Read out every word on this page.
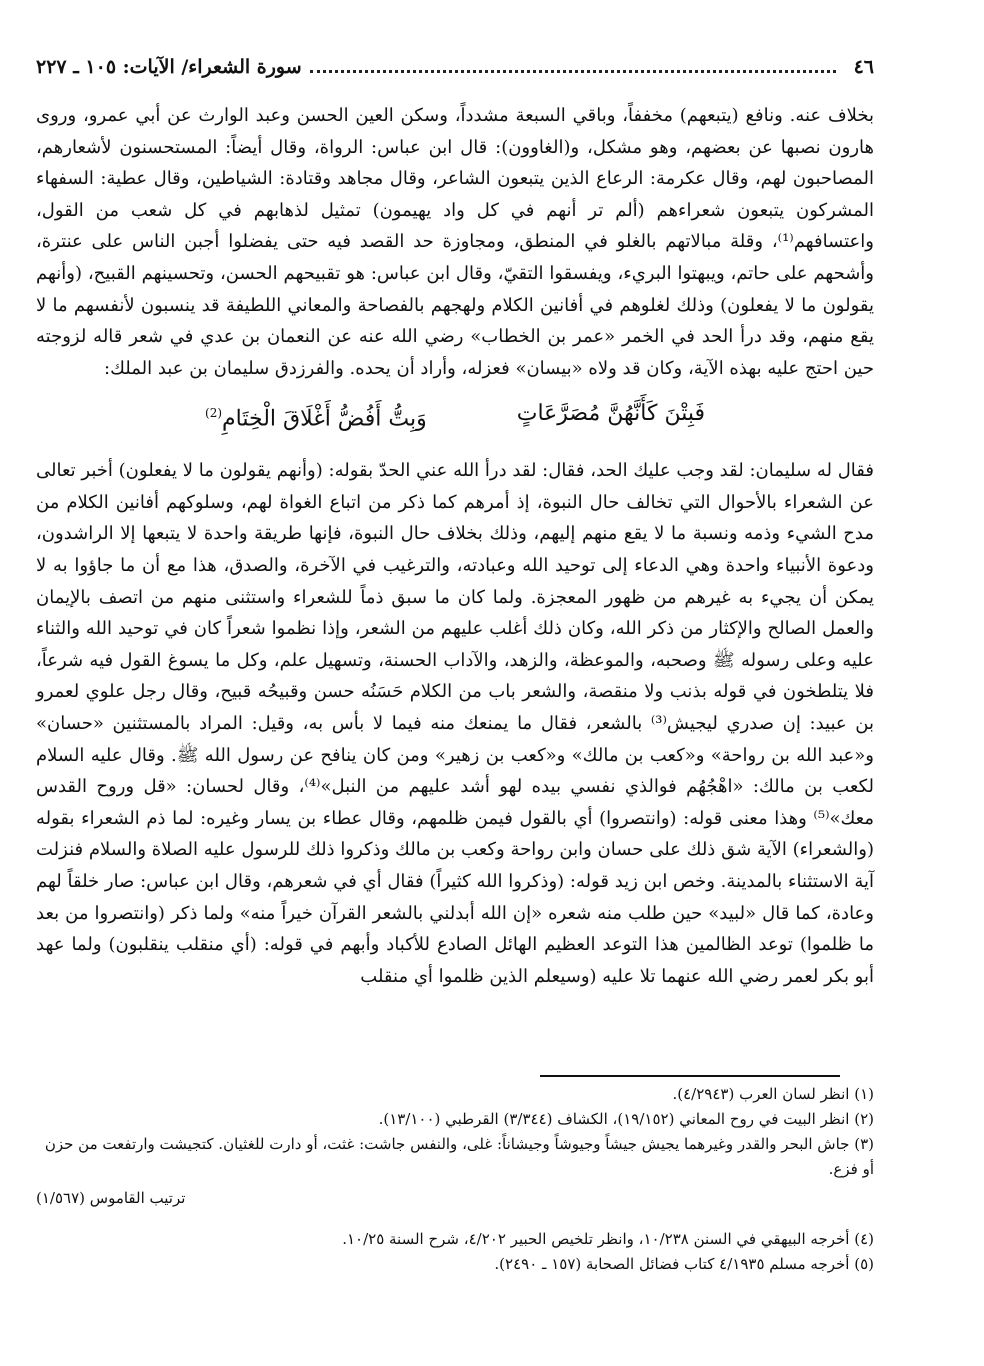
٤٦
سورة الشعراء/ الآيات: ١٠٥ ـ ٢٢٧

بخلاف عنه. ونافع (يتبعهم) مخففاً، وباقي السبعة مشدداً، وسكن العين الحسن وعبد الوارث عن أبي عمرو، وروى هارون نصبها عن بعضهم، وهو مشكل، و(الغاوون): قال ابن عباس: الرواة، وقال أيضاً: المستحسنون لأشعارهم، المصاحبون لهم، وقال عكرمة: الرعاع الذين يتبعون الشاعر، وقال مجاهد وقتادة: الشياطين، وقال عطية: السفهاء المشركون يتبعون شعراءهم (ألم تر أنهم في كل واد يهيمون) تمثيل لذهابهم في كل شعب من القول، واعتسافهم⁽¹⁾، وقلة مبالاتهم بالغلو في المنطق، ومجاوزة حد القصد فيه حتى يفضلوا أجبن الناس على عنترة، وأشحهم على حاتم، ويبهتوا البريء، ويفسقوا التقيّ، وقال ابن عباس: هو تقبيحهم الحسن، وتحسينهم القبيح، (وأنهم يقولون ما لا يفعلون) وذلك لغلوهم في أفانين الكلام ولهجهم بالفصاحة والمعاني اللطيفة قد ينسبون لأنفسهم ما لا يقع منهم، وقد درأ الحد في الخمر «عمر بن الخطاب» رضي الله عنه عن النعمان بن عدي في شعر قاله لزوجته حين احتج عليه بهذه الآية، وكان قد ولاه «بيسان» فعزله، وأراد أن يحده. والفرزدق سليمان بن عبد الملك:

فَبِتْنَ كَأَنَّهُنَّ مُصَرَّعَاتٍ
وَبِتُّ أَفُضُّ أَغْلَاقَ الْخِتَامِ$^{(2)}$

فقال له سليمان: لقد وجب عليك الحد، فقال: لقد درأ الله عني الحدّ بقوله: (وأنهم يقولون ما لا يفعلون) أخبر تعالى عن الشعراء بالأحوال التي تخالف حال النبوة، إذ أمرهم كما ذكر من اتباع الغواة لهم، وسلوكهم أفانين الكلام من مدح الشيء وذمه ونسبة ما لا يقع منهم إليهم، وذلك بخلاف حال النبوة، فإنها طريقة واحدة لا يتبعها إلا الراشدون، ودعوة الأنبياء واحدة وهي الدعاء إلى توحيد الله وعبادته، والترغيب في الآخرة، والصدق، هذا مع أن ما جاؤوا به لا يمكن أن يجيء به غيرهم من ظهور المعجزة. ولما كان ما سبق ذماً للشعراء واستثنى منهم من اتصف بالإيمان والعمل الصالح والإكثار من ذكر الله، وكان ذلك أغلب عليهم من الشعر، وإذا نظموا شعراً كان في توحيد الله والثناء عليه وعلى رسوله ﷺ وصحبه، والموعظة، والزهد، والآداب الحسنة، وتسهيل علم، وكل ما يسوغ القول فيه شرعاً، فلا يتلطخون في قوله بذنب ولا منقصة، والشعر باب من الكلام حَسَنُه حسن وقبيحُه قبيح، وقال رجل علوي لعمرو بن عبيد: إن صدري ليجيش⁽³⁾ بالشعر، فقال ما يمنعك منه فيما لا بأس به، وقيل: المراد بالمستثنين «حسان» و«عبد الله بن رواحة» و«كعب بن مالك» و«كعب بن زهير» ومن كان ينافح عن رسول الله ﷺ. وقال عليه السلام لكعب بن مالك: «اهْجُهُم فوالذي نفسي بيده لهو أشد عليهم من النبل»⁽⁴⁾، وقال لحسان: «قل وروح القدس معك»⁽⁵⁾ وهذا معنى قوله: (وانتصروا) أي بالقول فيمن ظلمهم، وقال عطاء بن يسار وغيره: لما ذم الشعراء بقوله (والشعراء) الآية شق ذلك على حسان وابن رواحة وكعب بن مالك وذكروا ذلك للرسول عليه الصلاة والسلام فنزلت آية الاستثناء بالمدينة. وخص ابن زيد قوله: (وذكروا الله كثيراً) فقال أي في شعرهم، وقال ابن عباس: صار خلقاً لهم وعادة، كما قال «لبيد» حين طلب منه شعره «إن الله أبدلني بالشعر القرآن خيراً منه» ولما ذكر (وانتصروا من بعد ما ظلموا) توعد الظالمين هذا التوعد العظيم الهائل الصادع للأكباد وأبهم في قوله: (أي منقلب ينقلبون) ولما عهد أبو بكر لعمر رضي الله عنهما تلا عليه (وسيعلم الذين ظلموا أي منقلب

(١) انظر لسان العرب (٤/٢٩٤٣).

(٢) انظر البيت في روح المعاني (١٩/١٥٢)، الكشاف (٣/٣٤٤) القرطبي (١٣/١٠٠).

(٣) جاش البحر والقدر وغيرهما يجيش جيشاً وجيوشاً وجيشاناً: غلى، والنفس جاشت: غثت، أو دارت للغثيان. كتجيشت وارتفعت من حزن أو فزع.

ترتيب القاموس (١/٥٦٧)

(٤) أخرجه البيهقي في السنن ١٠/٢٣٨، وانظر تلخيص الحبير ٤/٢٠٢، شرح السنة ١٠/٢٥.

(٥) أخرجه مسلم ٤/١٩٣٥ كتاب فضائل الصحابة (١٥٧ ـ ٢٤٩٠).
